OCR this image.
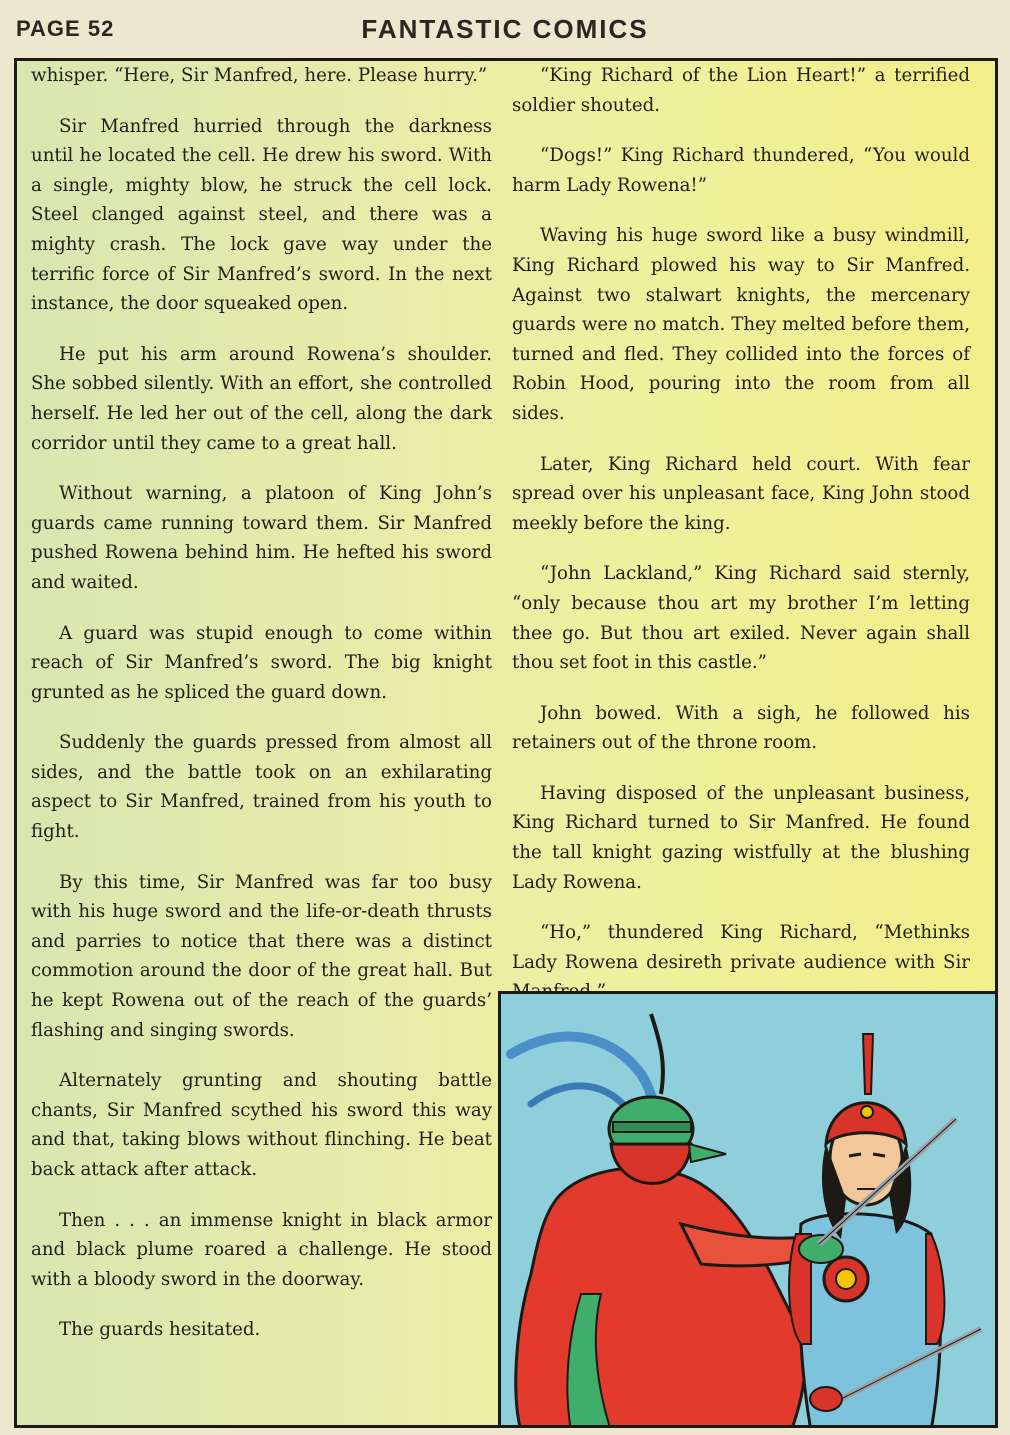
PAGE 52	FANTASTIC COMICS

whisper. “Here, Sir Manfred, here. Please hurry.”

Sir Manfred hurried through the darkness until he located the cell. He drew his sword. With a single, mighty blow, he struck the cell lock. Steel clanged against steel, and there was a mighty crash. The lock gave way under the terrific force of Sir Manfred’s sword. In the next instance, the door squeaked open.

He put his arm around Rowena’s shoulder. She sobbed silently. With an effort, she controlled herself. He led her out of the cell, along the dark corridor until they came to a great hall.

Without warning, a platoon of King John’s guards came running toward them. Sir Manfred pushed Rowena behind him. He hefted his sword and waited.

A guard was stupid enough to come within reach of Sir Manfred’s sword. The big knight grunted as he spliced the guard down.

Suddenly the guards pressed from almost all sides, and the battle took on an exhilarating aspect to Sir Manfred, trained from his youth to fight.

By this time, Sir Manfred was far too busy with his huge sword and the life-or-death thrusts and parries to notice that there was a distinct commotion around the door of the great hall. But he kept Rowena out of the reach of the guards’ flashing and singing swords.

Alternately grunting and shouting battle chants, Sir Manfred scythed his sword this way and that, taking blows without flinching. He beat back attack after attack.

Then . . . an immense knight in black armor and black plume roared a challenge. He stood with a bloody sword in the doorway.

The guards hesitated.

“King Richard of the Lion Heart!” a terrified soldier shouted.

“Dogs!” King Richard thundered, “You would harm Lady Rowena!”

Waving his huge sword like a busy windmill, King Richard plowed his way to Sir Manfred. Against two stalwart knights, the mercenary guards were no match. They melted before them, turned and fled. They collided into the forces of Robin Hood, pouring into the room from all sides.

Later, King Richard held court. With fear spread over his unpleasant face, King John stood meekly before the king.

“John Lackland,” King Richard said sternly, “only because thou art my brother I’m letting thee go. But thou art exiled. Never again shall thou set foot in this castle.”

John bowed. With a sigh, he followed his retainers out of the throne room.

Having disposed of the unpleasant business, King Richard turned to Sir Manfred. He found the tall knight gazing wistfully at the blushing Lady Rowena.

“Ho,” thundered King Richard, “Methinks Lady Rowena desireth private audience with Sir
